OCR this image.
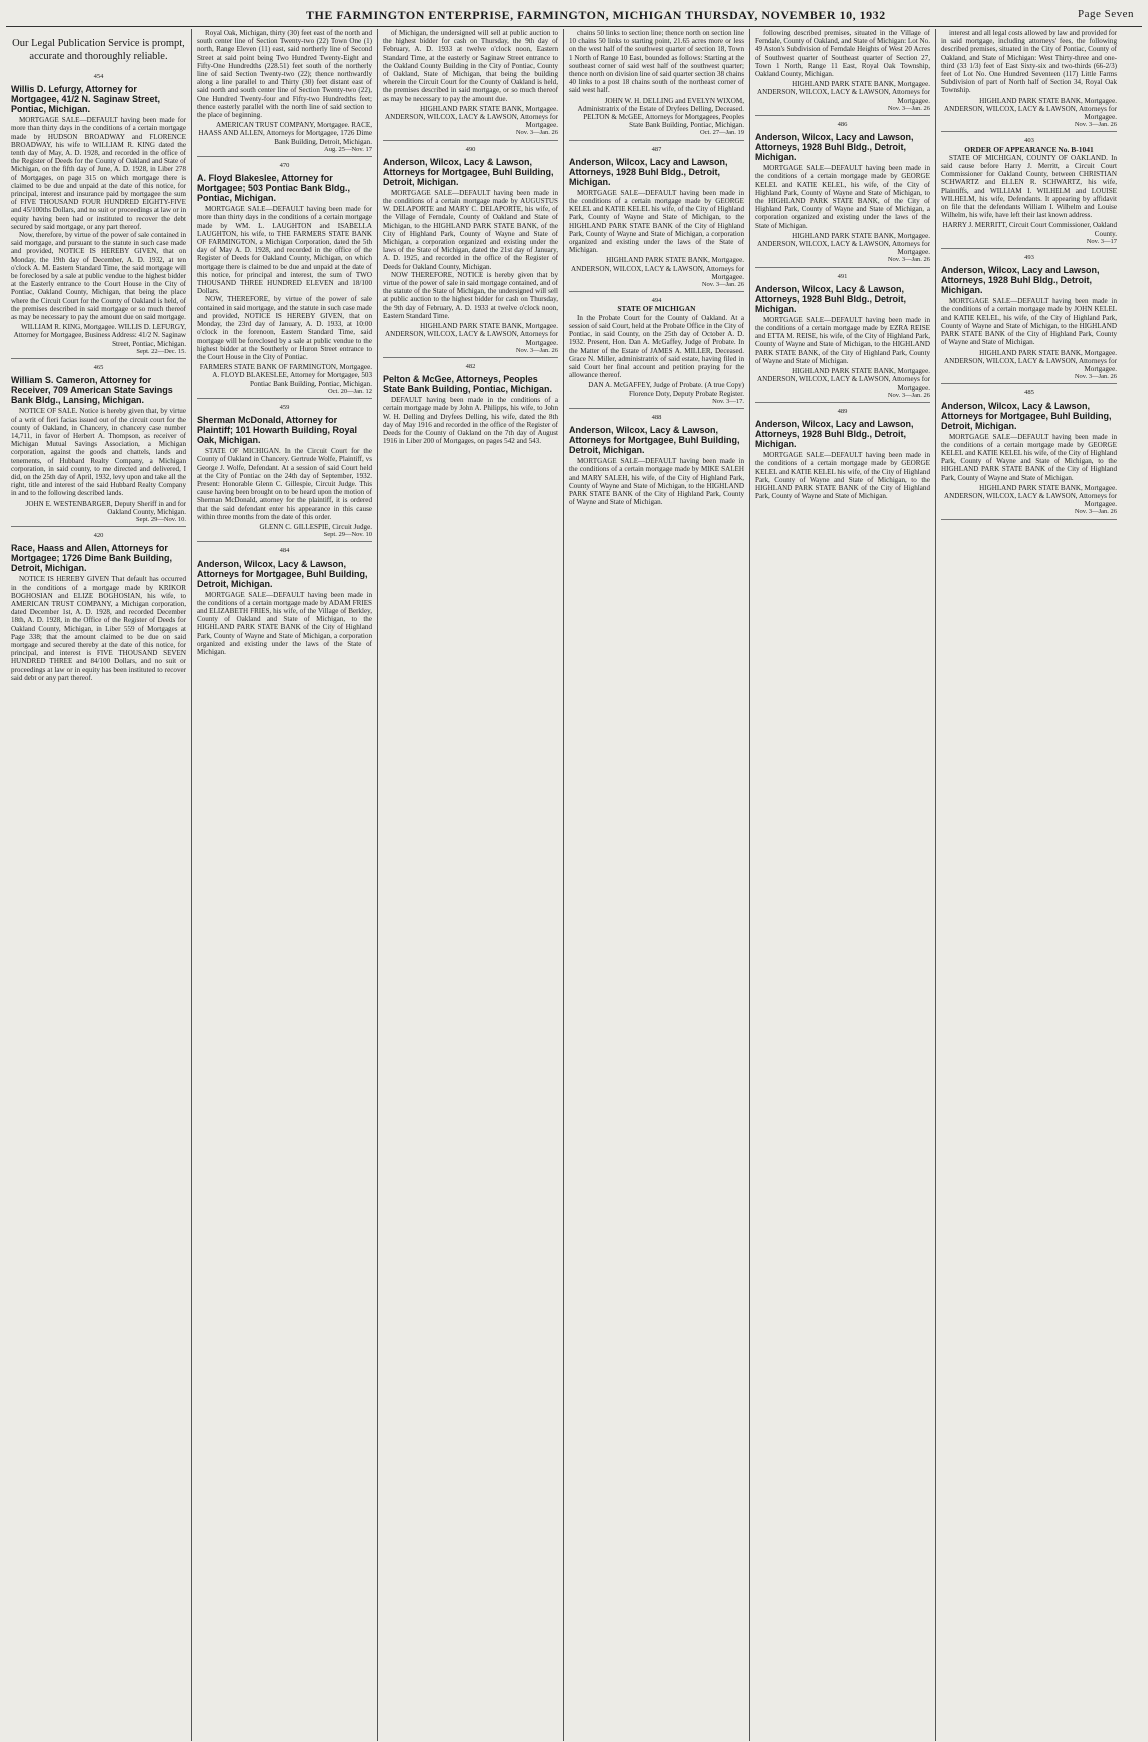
THE FARMINGTON ENTERPRISE, FARMINGTON, MICHIGAN THURSDAY, NOVEMBER 10, 1932	Page Seven
Our Legal Publication Service is prompt, accurate and thoroughly reliable.
454
Willis D. Lefurgy, Attorney for Mortgagee, 41/2 N. Saginaw Street, Pontiac, Michigan.
MORTGAGE SALE—DEFAULT having been made for more than thirty days in the conditions of a certain mortgage made by HUDSON BROADWAY and FLORENCE BROADWAY, his wife to WILLIAM R. KING dated the tenth day of May, A. D. 1928, and recorded in the office of the Register of Deeds for the County of Oakland and State of Michigan, on the fifth day of June, A. D. 1928, in Liber 278 of Mortgages, on page 315 on which mortgage there is claimed to be due and unpaid at the date of this notice, for principal, interest and insurance paid by mortgagee the sum of FIVE THOUSAND FOUR HUNDRED EIGHTY-FIVE and 45/100ths Dollars, and no suit or proceedings at law or in equity having been had or instituted to recover the debt secured by said mortgage, or any part thereof.
Now, therefore, by virtue of the power of sale contained in said mortgage, and pursuant to the statute in such case made and provided, NOTICE IS HEREBY GIVEN, that on Monday, the 19th day of December, A. D. 1932, at ten o'clock A. M. Eastern Standard Time, the said mortgage will be foreclosed by a sale at public vendue to the highest bidder at the Easterly entrance to the Court House in the City of Pontiac, Oakland County, Michigan, that being the place where the Circuit Court for the County of Oakland is held, of the premises described in said mortgage or so much thereof as may be necessary to pay the amount due on said mortgage.
WILLIAM R. KING, Mortgagee. WILLIS D. LEFURGY, Attorney for Mortgagee, Business Address: 41/2 N. Saginaw Street, Pontiac, Michigan.
Sept. 22—Dec. 15.
465
William S. Cameron, Attorney for Receiver, 709 American State Savings Bank Bldg., Lansing, Michigan.
NOTICE OF SALE. Notice is hereby given that, by virtue of a writ of fieri facias issued out of the circuit court for the county of Oakland, in Chancery, in chancery case number 14,711, in favor of Herbert A. Thompson, as receiver of Michigan Mutual Savings Association, a Michigan corporation, against the goods and chattels, lands and tenements, of Hubbard Realty Company, a Michigan corporation, in said county, to me directed and delivered, I did, on the 25th day of April, 1932, levy upon and take all the right, title and interest of the said Hubbard Realty Company in and to the following described lands.
JOHN E. WESTENBARGER, Deputy Sheriff in and for Oakland County, Michigan.
Sept. 29—Nov. 10.
420
Race, Haass and Allen, Attorneys for Mortgagee; 1726 Dime Bank Building, Detroit, Michigan.
NOTICE IS HEREBY GIVEN That default has occurred in the conditions of a mortgage made by KRIKOR BOGHOSIAN and ELIZE BOGHOSIAN, his wife, to AMERICAN TRUST COMPANY, a Michigan corporation, dated December 1st, A. D. 1928, and recorded December 18th, A. D. 1928, in the Office of the Register of Deeds for Oakland County, Michigan, in Liber 559 of Mortgages at Page 338; that the amount claimed to be due on said mortgage and secured thereby at the date of this notice, for principal, and interest is FIVE THOUSAND SEVEN HUNDRED THREE and 84/100 Dollars, and no suit or proceedings at law or in equity has been instituted to recover said debt or any part thereof.
Royal Oak, Michigan, thirty (30) feet east of the north and south center line of Section Twenty-two (22) Town One (1) north, Range Eleven (11) east, said northerly line of Second Street at said point being Two Hundred Twenty-Eight and Fifty-One Hundredths (228.51) feet south of the northerly line of said Section Twenty-two (22); thence northwardly along a line parallel to and Thirty (30) feet distant east of said north and south center line of Section Twenty-two (22), One Hundred Twenty-four and Fifty-two Hundredths feet; thence easterly parallel with the north line of said section to the place of beginning.
AMERICAN TRUST COMPANY, Mortgagee. RACE, HAASS AND ALLEN, Attorneys for Mortgagee, 1726 Dime Bank Building, Detroit, Michigan.
Aug. 25—Nov. 17
470
A. Floyd Blakeslee, Attorney for Mortgagee; 503 Pontiac Bank Bldg., Pontiac, Michigan.
MORTGAGE SALE—DEFAULT having been made for more than thirty days in the conditions of a certain mortgage made by WM. L. LAUGHTON and ISABELLA LAUGHTON, his wife, to THE FARMERS STATE BANK OF FARMINGTON, a Michigan Corporation, dated the 5th day of May A. D. 1928, and recorded in the office of the Register of Deeds for Oakland County, Michigan, on which mortgage there is claimed to be due and unpaid at the date of this notice, for principal and interest, the sum of TWO THOUSAND THREE HUNDRED ELEVEN and 18/100 Dollars.
NOW, THEREFORE, by virtue of the power of sale contained in said mortgage, and the statute in such case made and provided, NOTICE IS HEREBY GIVEN, that on Monday, the 23rd day of January, A. D. 1933, at 10:00 o'clock in the forenoon, Eastern Standard Time, said mortgage will be foreclosed by a sale at public vendue to the highest bidder at the Southerly or Huron Street entrance to the Court House in the City of Pontiac.
FARMERS STATE BANK OF FARMINGTON, Mortgagee. A. FLOYD BLAKESLEE, Attorney for Mortgagee, 503 Pontiac Bank Building, Pontiac, Michigan.
Oct. 20—Jan. 12
459
Sherman McDonald, Attorney for Plaintiff; 101 Howarth Building, Royal Oak, Michigan.
STATE OF MICHIGAN. In the Circuit Court for the County of Oakland in Chancery. Gertrude Wolfe, Plaintiff, vs George J. Wolfe, Defendant. At a session of said Court held at the City of Pontiac on the 24th day of September, 1932. Present: Honorable Glenn C. Gillespie, Circuit Judge. This cause having been brought on to be heard upon the motion of Sherman McDonald, attorney for the plaintiff, it is ordered that the said defendant enter his appearance in this cause within three months from the date of this order.
GLENN C. GILLESPIE, Circuit Judge.
Sept. 29—Nov. 10
484
Anderson, Wilcox, Lacy & Lawson, Attorneys for Mortgagee, Buhl Building, Detroit, Michigan.
MORTGAGE SALE—DEFAULT having been made in the conditions of a certain mortgage made by ADAM FRIES and ELIZABETH FRIES, his wife, of the Village of Berkley, County of Oakland and State of Michigan, to the HIGHLAND PARK STATE BANK of the City of Highland Park, County of Wayne and State of Michigan, a corporation organized and existing under the laws of the State of Michigan.
of Michigan, the undersigned will sell at public auction to the highest bidder for cash on Thursday, the 9th day of February, A. D. 1933 at twelve o'clock noon, Eastern Standard Time, at the easterly or Saginaw Street entrance to the Oakland County Building in the City of Pontiac, County of Oakland, State of Michigan, that being the building wherein the Circuit Court for the County of Oakland is held, the premises described in said mortgage, or so much thereof as may be necessary to pay the amount due.
HIGHLAND PARK STATE BANK, Mortgagee. ANDERSON, WILCOX, LACY & LAWSON, Attorneys for Mortgagee.
Nov. 3—Jan. 26
490
Anderson, Wilcox, Lacy & Lawson, Attorneys for Mortgagee, Buhl Building, Detroit, Michigan.
MORTGAGE SALE—DEFAULT having been made in the conditions of a certain mortgage made by AUGUSTUS W. DELAPORTE and MARY C. DELAPORTE, his wife, of the Village of Ferndale, County of Oakland and State of Michigan, to the HIGHLAND PARK STATE BANK, of the City of Highland Park, County of Wayne and State of Michigan, a corporation organized and existing under the laws of the State of Michigan, dated the 21st day of January, A. D. 1925, and recorded in the office of the Register of Deeds for Oakland County, Michigan.
NOW THEREFORE, NOTICE is hereby given that by virtue of the power of sale in said mortgage contained, and of the statute of the State of Michigan, the undersigned will sell at public auction to the highest bidder for cash on Thursday, the 9th day of February, A. D. 1933 at twelve o'clock noon, Eastern Standard Time.
HIGHLAND PARK STATE BANK, Mortgagee. ANDERSON, WILCOX, LACY & LAWSON, Attorneys for Mortgagee.
Nov. 3—Jan. 26
482
Pelton & McGee, Attorneys, Peoples State Bank Building, Pontiac, Michigan.
DEFAULT having been made in the conditions of a certain mortgage made by John A. Philipps, his wife, to John W. H. Delling and Dryfees Delling, his wife, dated the 8th day of May 1916 and recorded in the office of the Register of Deeds for the County of Oakland on the 7th day of August 1916 in Liber 200 of Mortgages, on pages 542 and 543.
chains 50 links to section line; thence north on section line 10 chains 50 links to starting point, 21.65 acres more or less on the west half of the southwest quarter of section 18, Town 1 North of Range 10 East, bounded as follows: Starting at the southeast corner of said west half of the southwest quarter; thence north on division line of said quarter section 38 chains 40 links to a post 18 chains south of the northeast corner of said west half.
JOHN W. H. DELLING and EVELYN WIXOM, Administratrix of the Estate of Dryfees Delling, Deceased. PELTON & McGEE, Attorneys for Mortgagees, Peoples State Bank Building, Pontiac, Michigan.
Oct. 27—Jan. 19
487
Anderson, Wilcox, Lacy and Lawson, Attorneys, 1928 Buhl Bldg., Detroit, Michigan.
MORTGAGE SALE—DEFAULT having been made in the conditions of a certain mortgage made by GEORGE KELEL and KATIE KELEL his wife, of the City of Highland Park, County of Wayne and State of Michigan, to the HIGHLAND PARK STATE BANK of the City of Highland Park, County of Wayne and State of Michigan, a corporation organized and existing under the laws of the State of Michigan.
HIGHLAND PARK STATE BANK, Mortgagee. ANDERSON, WILCOX, LACY & LAWSON, Attorneys for Mortgagee.
Nov. 3—Jan. 26
494
STATE OF MICHIGAN
In the Probate Court for the County of Oakland. At a session of said Court, held at the Probate Office in the City of Pontiac, in said County, on the 25th day of October A. D. 1932. Present, Hon. Dan A. McGaffey, Judge of Probate. In the Matter of the Estate of JAMES A. MILLER, Deceased. Grace N. Miller, administratrix of said estate, having filed in said Court her final account and petition praying for the allowance thereof.
DAN A. McGAFFEY, Judge of Probate. (A true Copy) Florence Doty, Deputy Probate Register.
Nov. 3—17.
488
Anderson, Wilcox, Lacy & Lawson, Attorneys for Mortgagee, Buhl Building, Detroit, Michigan.
MORTGAGE SALE—DEFAULT having been made in the conditions of a certain mortgage made by MIKE SALEH and MARY SALEH, his wife, of the City of Highland Park, County of Wayne and State of Michigan, to the HIGHLAND PARK STATE BANK of the City of Highland Park, County of Wayne and State of Michigan.
following described premises, situated in the Village of Ferndale, County of Oakland, and State of Michigan: Lot No. 49 Aston's Subdivision of Ferndale Heights of West 20 Acres of Southwest quarter of Southeast quarter of Section 27, Town 1 North, Range 11 East, Royal Oak Township, Oakland County, Michigan.
HIGHLAND PARK STATE BANK, Mortgagee. ANDERSON, WILCOX, LACY & LAWSON, Attorneys for Mortgagee.
Nov. 3—Jan. 26
486
Anderson, Wilcox, Lacy and Lawson, Attorneys, 1928 Buhl Bldg., Detroit, Michigan.
MORTGAGE SALE—DEFAULT having been made in the conditions of a certain mortgage made by GEORGE KELEL and KATIE KELEL, his wife, of the City of Highland Park, County of Wayne and State of Michigan, to the HIGHLAND PARK STATE BANK, of the City of Highland Park, County of Wayne and State of Michigan, a corporation organized and existing under the laws of the State of Michigan.
HIGHLAND PARK STATE BANK, Mortgagee. ANDERSON, WILCOX, LACY & LAWSON, Attorneys for Mortgagee.
Nov. 3—Jan. 26
491
Anderson, Wilcox, Lacy & Lawson, Attorneys, 1928 Buhl Bldg., Detroit, Michigan.
MORTGAGE SALE—DEFAULT having been made in the conditions of a certain mortgage made by EZRA REISE and ETTA M. REISE, his wife, of the City of Highland Park, County of Wayne and State of Michigan, to the HIGHLAND PARK STATE BANK, of the City of Highland Park, County of Wayne and State of Michigan.
HIGHLAND PARK STATE BANK, Mortgagee. ANDERSON, WILCOX, LACY & LAWSON, Attorneys for Mortgagee.
Nov. 3—Jan. 26
489
Anderson, Wilcox, Lacy and Lawson, Attorneys, 1928 Buhl Bldg., Detroit, Michigan.
MORTGAGE SALE—DEFAULT having been made in the conditions of a certain mortgage made by GEORGE KELEL and KATIE KELEL his wife, of the City of Highland Park, County of Wayne and State of Michigan, to the HIGHLAND PARK STATE BANK of the City of Highland Park, County of Wayne and State of Michigan.
interest and all legal costs allowed by law and provided for in said mortgage, including attorneys' fees, the following described premises, situated in the City of Pontiac, County of Oakland, and State of Michigan: West Thirty-three and one-third (33 1/3) feet of East Sixty-six and two-thirds (66-2/3) feet of Lot No. One Hundred Seventeen (117) Little Farms Subdivision of part of North half of Section 34, Royal Oak Township.
HIGHLAND PARK STATE BANK, Mortgagee. ANDERSON, WILCOX, LACY & LAWSON, Attorneys for Mortgagee.
Nov. 3—Jan. 26
403
ORDER OF APPEARANCE No. B-1041
STATE OF MICHIGAN, COUNTY OF OAKLAND. In said cause before Harry J. Merritt, a Circuit Court Commissioner for Oakland County, between CHRISTIAN SCHWARTZ and ELLEN R. SCHWARTZ, his wife, Plaintiffs, and WILLIAM I. WILHELM and LOUISE WILHELM, his wife, Defendants. It appearing by affidavit on file that the defendants William I. Wilhelm and Louise Wilhelm, his wife, have left their last known address.
HARRY J. MERRITT, Circuit Court Commissioner, Oakland County.
Nov. 3—17
493
Anderson, Wilcox, Lacy and Lawson, Attorneys, 1928 Buhl Bldg., Detroit, Michigan.
MORTGAGE SALE—DEFAULT having been made in the conditions of a certain mortgage made by JOHN KELEL and KATIE KELEL, his wife, of the City of Highland Park, County of Wayne and State of Michigan, to the HIGHLAND PARK STATE BANK of the City of Highland Park, County of Wayne and State of Michigan.
HIGHLAND PARK STATE BANK, Mortgagee. ANDERSON, WILCOX, LACY & LAWSON, Attorneys for Mortgagee.
Nov. 3—Jan. 26
485
Anderson, Wilcox, Lacy & Lawson, Attorneys for Mortgagee, Buhl Building, Detroit, Michigan.
MORTGAGE SALE—DEFAULT having been made in the conditions of a certain mortgage made by GEORGE KELEL and KATIE KELEL his wife, of the City of Highland Park, County of Wayne and State of Michigan, to the HIGHLAND PARK STATE BANK of the City of Highland Park, County of Wayne and State of Michigan.
HIGHLAND PARK STATE BANK, Mortgagee. ANDERSON, WILCOX, LACY & LAWSON, Attorneys for Mortgagee.
Nov. 3—Jan. 26
